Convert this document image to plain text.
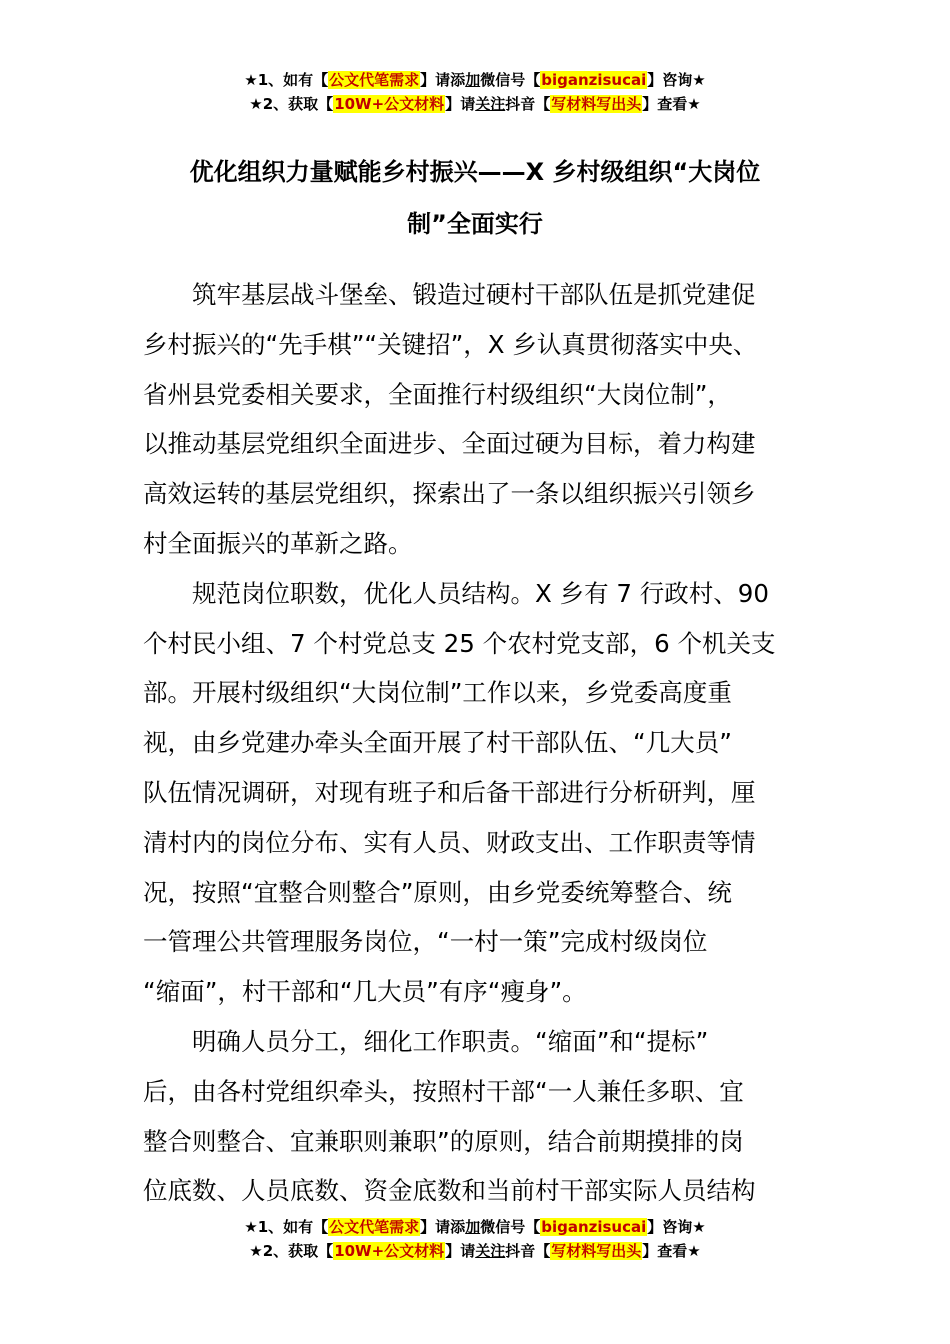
★1、如有【公文代笔需求】请添加微信号【biganzisucai】咨询★
★2、获取【10W+公文材料】请关注抖音【写材料写出头】查看★
优化组织力量赋能乡村振兴——X 乡村级组织“大岗位
制”全面实行
筑牢基层战斗堡垒、锻造过硬村干部队伍是抓党建促
乡村振兴的“先手棋”“关键招”，X 乡认真贯彻落实中央、
省州县党委相关要求，全面推行村级组织“大岗位制”，
以推动基层党组织全面进步、全面过硬为目标，着力构建
高效运转的基层党组织，探索出了一条以组织振兴引领乡
村全面振兴的革新之路。
规范岗位职数，优化人员结构。X 乡有 7 行政村、90
个村民小组、7 个村党总支 25 个农村党支部，6 个机关支
部。开展村级组织“大岗位制”工作以来，乡党委高度重
视，由乡党建办牵头全面开展了村干部队伍、“几大员”
队伍情况调研，对现有班子和后备干部进行分析研判，厘
清村内的岗位分布、实有人员、财政支出、工作职责等情
况，按照“宜整合则整合”原则，由乡党委统筹整合、统
一管理公共管理服务岗位，“一村一策”完成村级岗位
“缩面”，村干部和“几大员”有序“瘦身”。
明确人员分工，细化工作职责。“缩面”和“提标”
后，由各村党组织牵头，按照村干部“一人兼任多职、宜
整合则整合、宜兼职则兼职”的原则，结合前期摸排的岗
位底数、人员底数、资金底数和当前村干部实际人员结构
★1、如有【公文代笔需求】请添加微信号【biganzisucai】咨询★
★2、获取【10W+公文材料】请关注抖音【写材料写出头】查看★
